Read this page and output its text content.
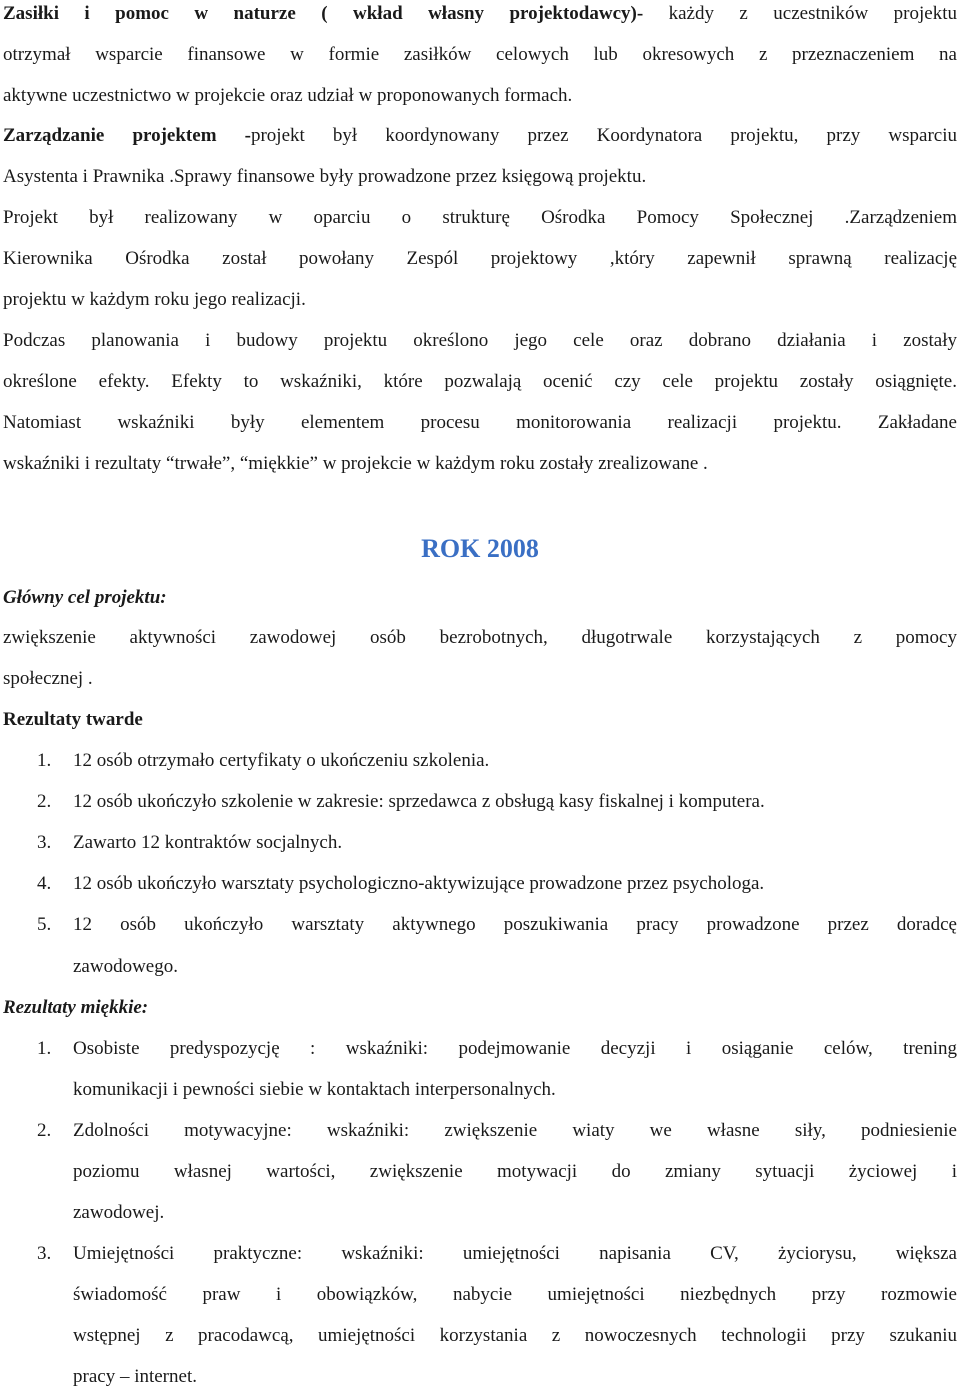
Zasiłki i pomoc w naturze ( wkład własny projektodawcy)- każdy z uczestników projektu
otrzymał wsparcie finansowe w formie zasiłków celowych lub okresowych z przeznaczeniem na
aktywne uczestnictwo w projekcie oraz udział w proponowanych formach.
Zarządzanie projektem -projekt był koordynowany przez Koordynatora projektu, przy wsparciu
Asystenta i Prawnika .Sprawy finansowe były prowadzone przez księgową projektu.
Projekt był realizowany w oparciu o strukturę Ośrodka Pomocy Społecznej .Zarządzeniem
Kierownika Ośrodka został powołany Zespól projektowy ,który zapewnił sprawną realizację
projektu w każdym roku jego realizacji.
Podczas planowania i budowy projektu określono jego cele oraz dobrano działania i zostały
określone efekty. Efekty to wskaźniki, które pozwalają ocenić czy cele projektu zostały osiągnięte.
Natomiast wskaźniki były elementem procesu monitorowania realizacji projektu. Zakładane
wskaźniki i rezultaty “trwałe”, “miękkie” w projekcie w każdym roku zostały zrealizowane .
ROK 2008
Główny cel projektu:
zwiększenie aktywności zawodowej osób bezrobotnych, długotrwale korzystających z pomocy
społecznej .
Rezultaty twarde
1.	12 osób otrzymało certyfikaty o ukończeniu szkolenia.
2.	12 osób ukończyło szkolenie w zakresie: sprzedawca z obsługą kasy fiskalnej i komputera.
3.	Zawarto 12 kontraktów socjalnych.
4.	12 osób ukończyło warsztaty psychologiczno-aktywizujące prowadzone przez psychologa.
5.	12 osób ukończyło warsztaty aktywnego poszukiwania pracy prowadzone przez doradcę
zawodowego.
Rezultaty miękkie:
1.	Osobiste predyspozycję : wskaźniki: podejmowanie decyzji i osiąganie celów, trening
komunikacji i pewności siebie w kontaktach interpersonalnych.
2.	Zdolności motywacyjne: wskaźniki: zwiększenie wiaty we własne siły, podniesienie
poziomu własnej wartości, zwiększenie motywacji do zmiany sytuacji życiowej i
zawodowej.
3.	Umiejętności praktyczne: wskaźniki: umiejętności napisania CV, życiorysu, większa
świadomość praw i obowiązków, nabycie umiejętności niezbędnych przy rozmowie
wstępnej z pracodawcą, umiejętności korzystania z nowoczesnych technologii przy szukaniu
pracy – internet.
